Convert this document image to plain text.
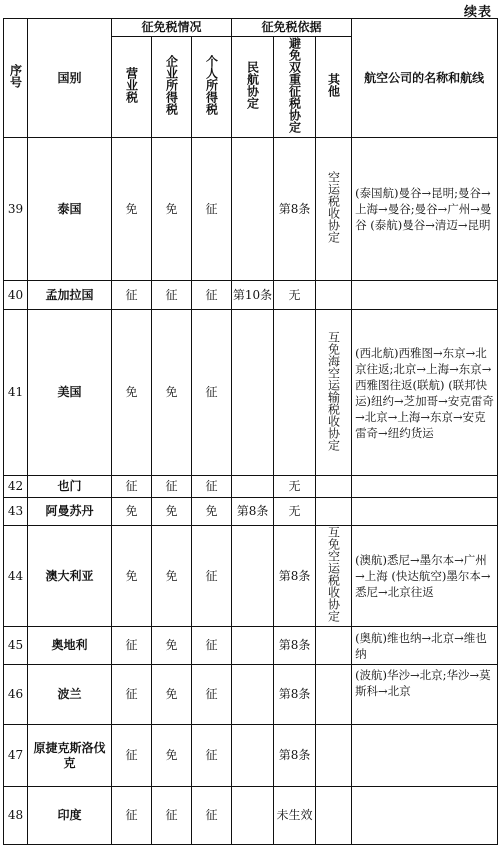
续表
序号	国别	征免税情况			征免税依据			航空公司的名称和航线

		营业税	企业所得税	个人所得税	民航协定	避免双重征税协定	其他	
39	泰国	免	免	征		第8条	空运税收协定	(泰国航)曼谷→昆明;曼谷→上海→曼谷;曼谷→广州→曼谷 (泰航)曼谷→清迈→昆明
40	孟加拉国	征	征	征	第10条	无		
41	美国	免	免	征			互免海空运输税收协定	(西北航)西雅图→东京→北京往返;北京→上海→东京→西雅图往返(联航) (联邦快运)纽约→芝加哥→安克雷奇→北京→上海→东京→安克雷奇→纽约货运
42	也门	征	征	征		无		
43	阿曼苏丹	免	免	免	第8条	无		
44	澳大利亚	免	免	征		第8条	互免空运税收协定	(澳航)悉尼→墨尔本→广州→上海 (快达航空)墨尔本→悉尼→北京往返
45	奥地利	征	免	征		第8条		(奥航)维也纳→北京→维也纳
46	波兰	征	免	征		第8条		(波航)华沙→北京;华沙→莫斯科→北京
47	原捷克斯洛伐克	征	免	征		第8条		
48	印度	征	征	征		未生效		
